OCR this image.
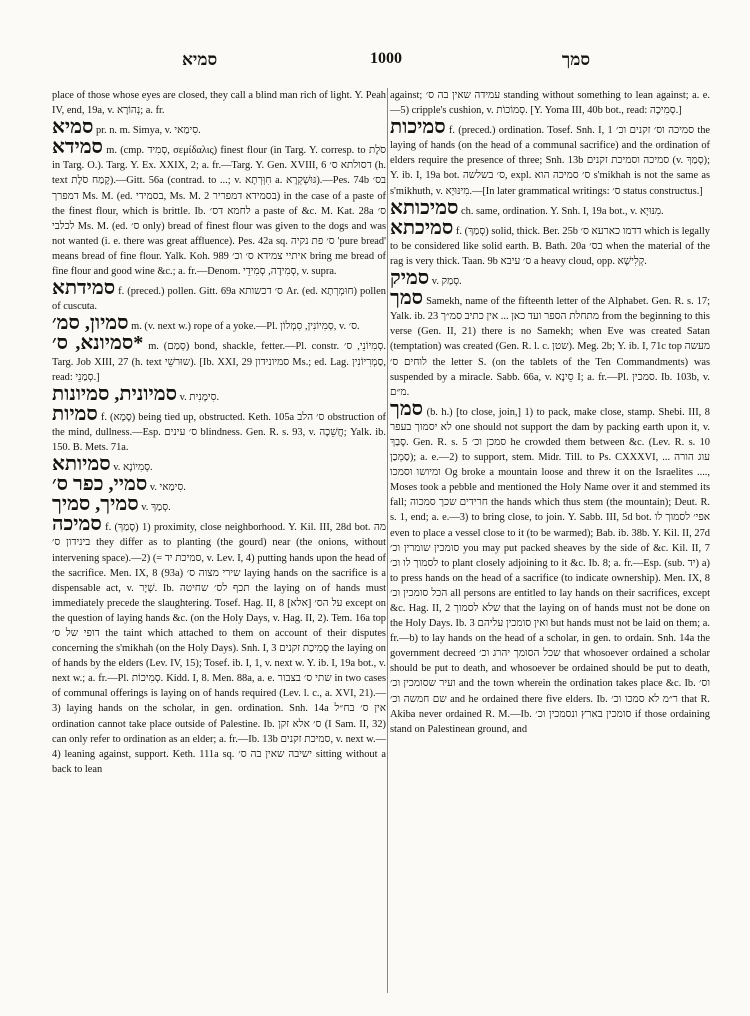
סמיא	1000	סמך

place of those whose eyes are closed, they call a blind man rich of light. Y. Peah IV, end, 19a, v. נְהוֹרָא; a. fr.

סמיא pr. n. m. Simya, v. סִימַאי.

סמידא m. (cmp. סְמִיד, σεμίδαλις) finest flour (in Targ. Y. corresp. to סֹלֶת in Targ. O.). Targ. Y. Ex. XXIX, 2; a. fr.—Targ. Y. Gen. XVIII, 6 דסולתא ס׳ (h. text קֶמַח סֹלֶת).—Gitt. 56a (contrad. to ...; v. חִוְּרְתָא a. גּוּשְׁקְרָא).—Pes. 74b בס׳ דמפרך Ms. M. (ed. בסמידי, Ms. M. 2 בסמידא דמפריר) in the case of a paste of the finest flour, which is brittle. Ib. לחמא דס׳ a paste of &c. M. Kat. 28a ס׳ לכלבי Ms. M. (ed. ס׳ only) bread of finest flour was given to the dogs and was not wanted (i. e. there was great affluence). Pes. 42a sq. ס׳ פת נקיה 'pure bread' means bread of fine flour. Yalk. Koh. 989 איתיי צמידא ס׳ וכ׳ bring me bread of fine flour and good wine &c.; a. fr.—Denom. סְמִידָה, סְמִידֵי, v. supra.

סמידתא f. (preced.) pollen. Gitt. 69a ס׳ דכשותא Ar. (ed. חוּמְרְתָא) pollen of cuscuta.

סמיון, סמ׳ m. (v. next w.) rope of a yoke.—Pl. סְמִיוֹנִין, סִמְלוֹן, v. ס׳.

*סמיונא, ס׳ m. (סְמַם) bond, shackle, fetter.—Pl. constr. סְמִיוֹנֵי, ס׳. Targ. Job XIII, 27 (h. text שוּרשֵׁי). [Ib. XXI, 29 סמיונידון Ms.; ed. Lag. סַמְרִיוֹנִין, read: סְמַנֵי.]

סמיונית, סמיונות v. סִימָנִית.

סמיות f. (סָמָא) being tied up, obstructed. Keth. 105a ס׳ הלב obstruction of the mind, dullness.—Esp. ס׳ עינים blindness. Gen. R. s. 93, v. חֲשֵׁכָה; Yalk. ib. 150. B. Mets. 71a.

סמיותא v. סְמִיוֹנָא.

סמיי, כפר ס׳ v. סִימַאי.

סמיך, סמיך v. סְמַךְ.

סמיכה f. (סָמַךְ) 1) proximity, close neighborhood. Y. Kil. III, 28d bot. מה בינידון ס׳ they differ as to planting (the gourd) near (the onions, without intervening space).—2) (= סמיכת יד, v. Lev. I, 4) putting hands upon the head of the sacrifice. Men. IX, 8 (93a) שירי מצוה ס׳ laying hands on the sacrifice is a dispensable act, v. שְׁיָר. Ib. תכף לס׳ שחיטה the laying on of hands must immediately precede the slaughtering. Tosef. Hag. II, 8 [אלא] על הס׳ except on the question of laying hands &c. (on the Holy Days, v. Hag. II, 2). Tem. 16a top דופי של ס׳ the taint which attached to them on account of their disputes concerning the s'mikhah (on the Holy Days). Snh. I, 3 סְמִיכַת זקנים the laying on of hands by the elders (Lev. IV, 15); Tosef. ib. I, 1, v. next w. Y. ib. I, 19a bot., v. next w.; a. fr.—Pl. סְמִיכוֹת. Kidd. I, 8. Men. 88a, a. e. שתי ס׳ בצבור in two cases of communal offerings is laying on of hands required (Lev. l. c., a. XVI, 21).—3) laying hands on the scholar, in gen. ordination. Snh. 14a אין ס׳ בח״ל ordination cannot take place outside of Palestine. Ib. ס׳ אלא זקן (I Sam. II, 32) can only refer to ordination as an elder; a. fr.—Ib. 13b סמיכת זקנים, v. next w.—4) leaning against, support. Keth. 111a sq. ישיבה שאין בה ס׳ sitting without a back to lean

against; עמידה שאין בה ס׳ standing without something to lean against; a. e.—5) cripple's cushion, v. סְמוֹכוֹת. [Y. Yoma III, 40b bot., read: סְמִיכָה.]

סמיכות f. (preced.) ordination. Tosef. Snh. I, 1 סמיכה וס׳ זקנים וכ׳ the laying of hands (on the head of a communal sacrifice) and the ordination of elders require the presence of three; Snh. 13b סמיכה וסמיכת זקנים (v. סְמַךְ); Y. ib. I, 19a bot. ס׳ בשלשה, expl. ס׳ סמיכה הוא s'mikhah is not the same as s'mikhuth, v. מִינּוּיָא.—[In later grammatical writings: ס׳ status constructus.]

סמיכותא ch. same, ordination. Y. Snh. I, 19a bot., v. מִנּוּיָא.

סמיכתא f. (סְמַךְ) solid, thick. Ber. 25b דדמו כארעא ס׳ which is legally to be considered like solid earth. B. Bath. 20a בס׳ when the material of the rag is very thick. Taan. 9b ס׳ עיבא a heavy cloud, opp. קְלִישָׁא.

סמיק v. סְמַק.

סמך Samekh, name of the fifteenth letter of the Alphabet. Gen. R. s. 17; Yalk. ib. 23 מתחלת הספר ועד כאן ... אין כתיב סמ״ך from the beginning to this verse (Gen. II, 21) there is no Samekh; when Eve was created Satan (temptation) was created (Gen. R. l. c. שטן). Meg. 2b; Y. ib. I, 71c top מעשה לוחים ס׳ the letter S. (on the tablets of the Ten Commandments) was suspended by a miracle. Sabb. 66a, v. סֵינָא I; a. fr.—Pl. סמכין. Ib. 103b, v. מ״ם.

סמך (b. h.) [to close, join,] 1) to pack, make close, stamp. Shebi. III, 8 לא יסמוך בעפר one should not support the dam by packing earth upon it, v. סָבַךְ. Gen. R. s. 5 סמכן וכ׳ he crowded them between &c. (Lev. R. s. 10 סַמְכַן); a. e.—2) to support, stem. Midr. Till. to Ps. CXXXVI, עוג הורה ... ומיושו וסמכו Og broke a mountain loose and threw it on the Israelites ...., Moses took a pebble and mentioned the Holy Name over it and stemmed its fall; חרידים שכך סמכוה the hands which thus stem (the mountain); Deut. R. s. 1, end; a. e.—3) to bring close, to join. Y. Sabb. III, 5d bot. אפי׳ לסמוך לו even to place a vessel close to it (to be warmed); Bab. ib. 38b. Y. Kil. II, 27d סומכין שומרין וכ׳ you may put packed sheaves by the side of &c. Kil. II, 7 לסמוך לו וכ׳ to plant closely adjoining to it &c. Ib. 8; a. fr.—Esp. (sub. יד) a) to press hands on the head of a sacrifice (to indicate ownership). Men. IX, 8 הכל סומכין וכ׳ all persons are entitled to lay hands on their sacrifices, except &c. Hag. II, 2 שלא לסמוך that the laying on of hands must not be done on the Holy Days. Ib. 3 ואין סומכין עליהם but hands must not be laid on them; a. fr.—b) to lay hands on the head of a scholar, in gen. to ordain. Snh. 14a the government decreed שכל הסומך יהרג וכ׳ that whosoever ordained a scholar should be put to death, and whosoever be ordained should be put to death, ועיר שסומכין וכ׳ and the town wherein the ordination takes place &c. Ib. וס׳ שם חמשה וכ׳ and he ordained there five elders. Ib. ר״מ לא סמכו וכ׳ that R. Akiba never ordained R. M.—Ib. סומכין בארץ ונסמכין וכ׳ if those ordaining stand on Palestinean ground, and
